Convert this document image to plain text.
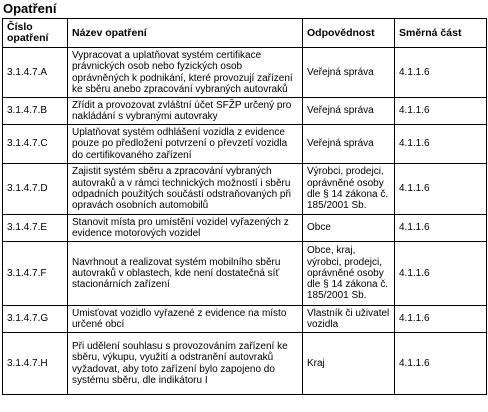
Opatření
Číslo opatření	Název opatření	Odpovědnost	Směrná část
3.1.4.7.A	Vypracovat a uplatňovat systém certifikace právnických osob nebo fyzických osob oprávněných k podnikání, které provozují zařízení ke sběru anebo zpracování vybraných autovraků	Veřejná správa	4.1.1.6
3.1.4.7.B	Zřídit a provozovat zvláštní účet SFŽP určený pro nakládání s vybranými autovraky	Veřejná správa	4.1.1.6
3.1.4.7.C	Uplatňovat systém odhlášení vozidla z evidence pouze po předložení potvrzení o převzetí vozidla do certifikovaného zařízení	Veřejná správa	4.1.1.6
3.1.4.7.D	Zajistit systém sběru a zpracování vybraných autovraků a v rámci technických možností i sběru odpadních použitých součástí odstraňovaných při opravách osobních automobilů	Výrobci, prodejci, oprávněné osoby dle § 14 zákona č. 185/2001 Sb.	4.1.1.6
3.1.4.7.E	Stanovit místa pro umístění vozidel vyřazených z evidence motorových vozidel	Obce	4.1.1.6
3.1.4.7.F	Navrhnout a realizovat systém mobilního sběru autovraků v oblastech, kde není dostatečná síť stacionárních zařízení	Obce, kraj, výrobci, prodejci, oprávněné osoby dle § 14 zákona č. 185/2001 Sb.	4.1.1.6
3.1.4.7.G	Umisťovat vozidlo vyřazené z evidence na místo určené obcí	Vlastník či uživatel vozidla	4.1.1.6
3.1.4.7.H	Při udělení souhlasu s provozováním zařízení ke sběru, výkupu, využití a odstranění autovraků vyžadovat, aby toto zařízení bylo zapojeno do systému sběru, dle indikátoru I	Kraj	4.1.1.6
